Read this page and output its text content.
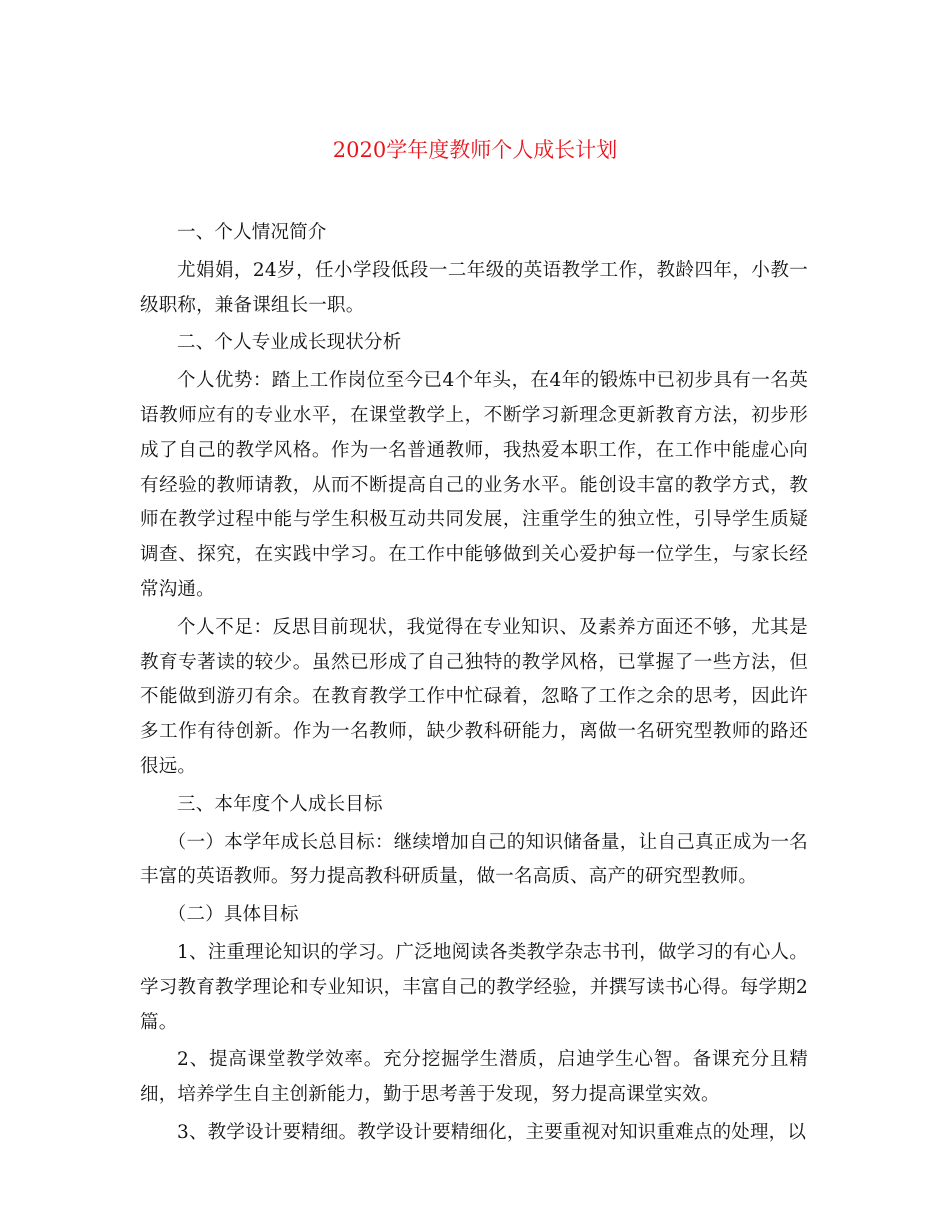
2020学年度教师个人成长计划

一、个人情况简介

尤娟娟，24岁，任小学段低段一二年级的英语教学工作，教龄四年，小教一级职称，兼备课组长一职。

二、个人专业成长现状分析

个人优势：踏上工作岗位至今已4个年头，在4年的锻炼中已初步具有一名英语教师应有的专业水平，在课堂教学上，不断学习新理念更新教育方法，初步形成了自己的教学风格。作为一名普通教师，我热爱本职工作，在工作中能虚心向有经验的教师请教，从而不断提高自己的业务水平。能创设丰富的教学方式，教师在教学过程中能与学生积极互动共同发展，注重学生的独立性，引导学生质疑调查、探究，在实践中学习。在工作中能够做到关心爱护每一位学生，与家长经常沟通。

个人不足：反思目前现状，我觉得在专业知识、及素养方面还不够，尤其是教育专著读的较少。虽然已形成了自己独特的教学风格，已掌握了一些方法，但不能做到游刃有余。在教育教学工作中忙碌着，忽略了工作之余的思考，因此许多工作有待创新。作为一名教师，缺少教科研能力，离做一名研究型教师的路还很远。

三、本年度个人成长目标

（一）本学年成长总目标：继续增加自己的知识储备量，让自己真正成为一名丰富的英语教师。努力提高教科研质量，做一名高质、高产的研究型教师。

（二）具体目标

1、注重理论知识的学习。广泛地阅读各类教学杂志书刊，做学习的有心人。学习教育教学理论和专业知识，丰富自己的教学经验，并撰写读书心得。每学期2篇。

2、提高课堂教学效率。充分挖掘学生潜质，启迪学生心智。备课充分且精细，培养学生自主创新能力，勤于思考善于发现，努力提高课堂实效。

3、教学设计要精细。教学设计要精细化，主要重视对知识重难点的处理，以
